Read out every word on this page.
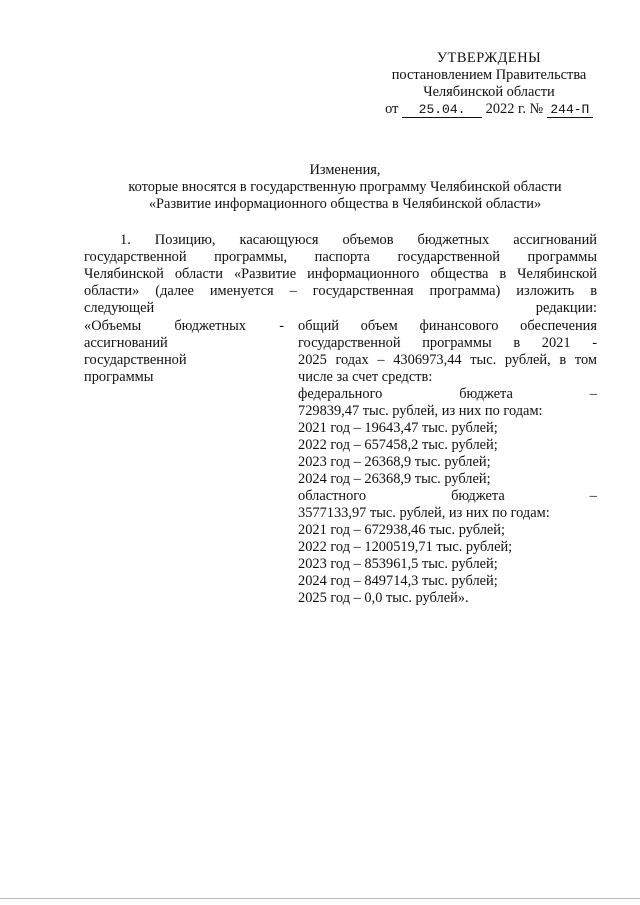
УТВЕРЖДЕНЫ
постановлением Правительства
Челябинской области
от 25.04. 2022 г. № 244-П
Изменения,
которые вносятся в государственную программу Челябинской области
«Развитие информационного общества в Челябинской области»
1. Позицию, касающуюся объемов бюджетных ассигнований
государственной программы, паспорта государственной программы
Челябинской области «Развитие информационного общества в Челябинской
области» (далее именуется – государственная программа) изложить в
следующей редакции:
«Объемы бюджетных -
ассигнований
государственной
программы
общий объем финансового обеспечения
государственной программы в 2021 -
2025 годах – 4306973,44 тыс. рублей, в том
числе за счет средств:
федерального бюджета –
729839,47 тыс. рублей, из них по годам:
2021 год – 19643,47 тыс. рублей;
2022 год – 657458,2 тыс. рублей;
2023 год – 26368,9 тыс. рублей;
2024 год – 26368,9 тыс. рублей;
областного бюджета –
3577133,97 тыс. рублей, из них по годам:
2021 год – 672938,46 тыс. рублей;
2022 год – 1200519,71 тыс. рублей;
2023 год – 853961,5 тыс. рублей;
2024 год – 849714,3 тыс. рублей;
2025 год – 0,0 тыс. рублей».
